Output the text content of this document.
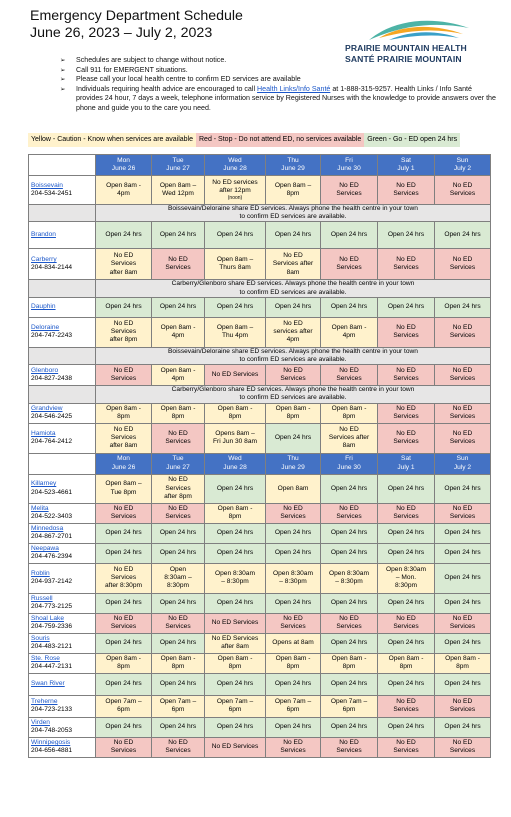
Emergency Department Schedule
June 26, 2023 – July 2, 2023
PRAIRIE MOUNTAIN HEALTH
SANTÉ PRAIRIE MOUNTAIN
➢ Schedules are subject to change without notice.
➢ Call 911 for EMERGENT situations.
➢ Please call your local health centre to confirm ED services are available
➢ Individuals requiring health advice are encouraged to call Health Links/Info Santé at 1-888-315-9257. Health Links / Info Santé provides 24 hour, 7 days a week, telephone information service by Registered Nurses with the knowledge to provide answers over the phone and guide you to the care you need.
Yellow - Caution - Know when services are available Red - Stop - Do not attend ED, no services available Green - Go - ED open 24 hrs
	Mon
June 26	Tue
June 27	Wed
June 28	Thu
June 29	Fri
June 30	Sat
July 1	Sun
July 2

Boissevain
204-534-2451	Open 8am -
4pm	Open 8am –
Wed 12pm	No ED services
after 12pm
(noon)	Open 8am –
8pm	No ED
Services	No ED
Services	No ED
Services
	Boissevain/Deloraine share ED services. Always phone the health centre in your town
to confirm ED services are available.						

Brandon	Open 24 hrs	Open 24 hrs	Open 24 hrs	Open 24 hrs	Open 24 hrs	Open 24 hrs	Open 24 hrs

Carberry
204-834-2144	No ED
Services
after 8am	No ED
Services	Open 8am –
Thurs 8am	No ED
Services after
8am	No ED
Services	No ED
Services	No ED
Services
	Carberry/Glenboro share ED services. Always phone the health centre in your town
to confirm ED services are available.						

Dauphin	Open 24 hrs	Open 24 hrs	Open 24 hrs	Open 24 hrs	Open 24 hrs	Open 24 hrs	Open 24 hrs

Deloraine
204-747-2243	No ED
Services
after 8pm	Open 8am -
4pm	Open 8am –
Thu 4pm	No ED
services after
4pm	Open 8am -
4pm	No ED
Services	No ED
Services
	Boissevain/Deloraine share ED services. Always phone the health centre in your town
to confirm ED services are available.						

Glenboro
204-827-2438	No ED
Services	Open 8am -
4pm	No ED Services	No ED
Services	No ED
Services	No ED
Services	No ED
Services
	Carberry/Glenboro share ED services. Always phone the health centre in your town
to confirm ED services are available.						

Grandview
204-546-2425	Open 8am -
8pm	Open 8am -
8pm	Open 8am -
8pm	Open 8am -
8pm	Open 8am -
8pm	No ED
Services	No ED
Services

Hamiota
204-764-2412	No ED
Services
after 8am	No ED
Services	Opens 8am –
Fri Jun 30 8am	Open 24 hrs	No ED
Services after
8am	No ED
Services	No ED
Services
	Mon
June 26	Tue
June 27	Wed
June 28	Thu
June 29	Fri
June 30	Sat
July 1	Sun
July 2

Killarney
204-523-4661	Open 8am –
Tue 8pm	No ED
Services
after 8pm	Open 24 hrs	Open 8am	Open 24 hrs	Open 24 hrs	Open 24 hrs

Melita
204-522-3403	No ED
Services	No ED
Services	Open 8am -
8pm	No ED
Services	No ED
Services	No ED
Services	No ED
Services

Minnedosa
204-867-2701	Open 24 hrs	Open 24 hrs	Open 24 hrs	Open 24 hrs	Open 24 hrs	Open 24 hrs	Open 24 hrs

Neepawa
204-476-2394	Open 24 hrs	Open 24 hrs	Open 24 hrs	Open 24 hrs	Open 24 hrs	Open 24 hrs	Open 24 hrs

Roblin
204-937-2142	No ED
Services
after 8:30pm	Open
8:30am –
8:30pm	Open 8:30am
– 8:30pm	Open 8:30am
– 8:30pm	Open 8:30am
– 8:30pm	Open 8:30am
– Mon.
8:30pm	Open 24 hrs

Russell
204-773-2125	Open 24 hrs	Open 24 hrs	Open 24 hrs	Open 24 hrs	Open 24 hrs	Open 24 hrs	Open 24 hrs

Shoal Lake
204-759-2336	No ED
Services	No ED
Services	No ED Services	No ED
Services	No ED
Services	No ED
Services	No ED
Services

Souris
204-483-2121	Open 24 hrs	Open 24 hrs	No ED Services
after 8am	Opens at 8am	Open 24 hrs	Open 24 hrs	Open 24 hrs

Ste. Rose
204-447-2131	Open 8am -
8pm	Open 8am -
8pm	Open 8am -
8pm	Open 8am -
8pm	Open 8am -
8pm	Open 8am -
8pm	Open 8am -
8pm

Swan River	Open 24 hrs	Open 24 hrs	Open 24 hrs	Open 24 hrs	Open 24 hrs	Open 24 hrs	Open 24 hrs

Treherne
204-723-2133	Open 7am –
6pm	Open 7am –
6pm	Open 7am –
6pm	Open 7am –
6pm	Open 7am –
6pm	No ED
Services	No ED
Services

Virden
204-748-2053	Open 24 hrs	Open 24 hrs	Open 24 hrs	Open 24 hrs	Open 24 hrs	Open 24 hrs	Open 24 hrs

Winnipegosis
204-656-4881	No ED
Services	No ED
Services	No ED Services	No ED
Services	No ED
Services	No ED
Services	No ED
Services
